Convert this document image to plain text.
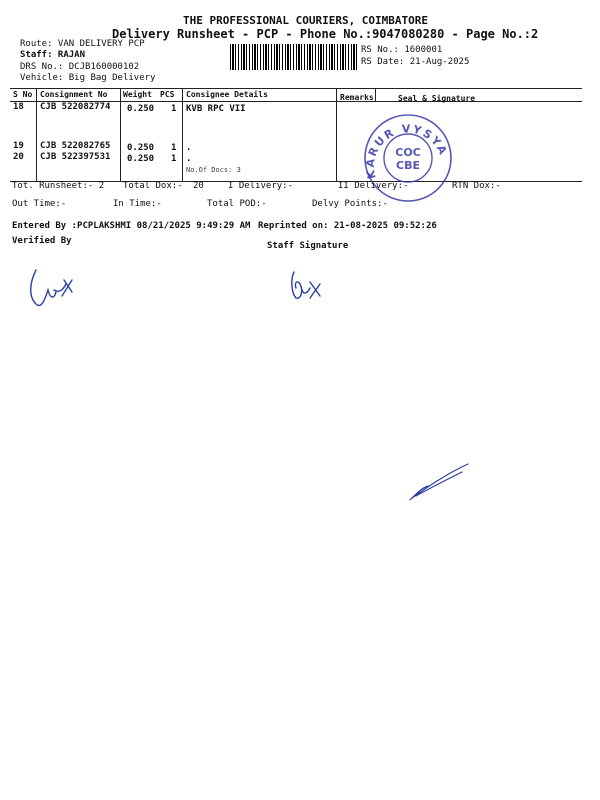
THE PROFESSIONAL COURIERS, COIMBATORE
Delivery Runsheet - PCP - Phone No.:9047080280 - Page No.:2
Route: VAN DELIVERY PCP
Staff: RAJAN
DRS No.: DCJB160000102
Vehicle: Big Bag Delivery
RS No.: 1600001
RS Date: 21-Aug-2025
S No Consignment No Weight PCS Consignee Details	Remarks	Seal & Signature
18 CJB 522082774 0.250 1 KVB RPC VII
19 CJB 522082765 0.250 1 .
20 CJB 522397531 0.250 1 .
No.Of Docs: 3	KARUR VYSYA
COC
CBE
Tot. Runsheet:- 2 Total Dox:- 20	I Delivery:-	II Delivery:-	RTN Dox:-
Out Time:-	In Time:-	Total POD:-	Delvy Points:-
Entered By :PCPLAKSHMI 08/21/2025 9:49:29 AM Reprinted on: 21-08-2025 09:52:26
Verified By	Staff Signature
